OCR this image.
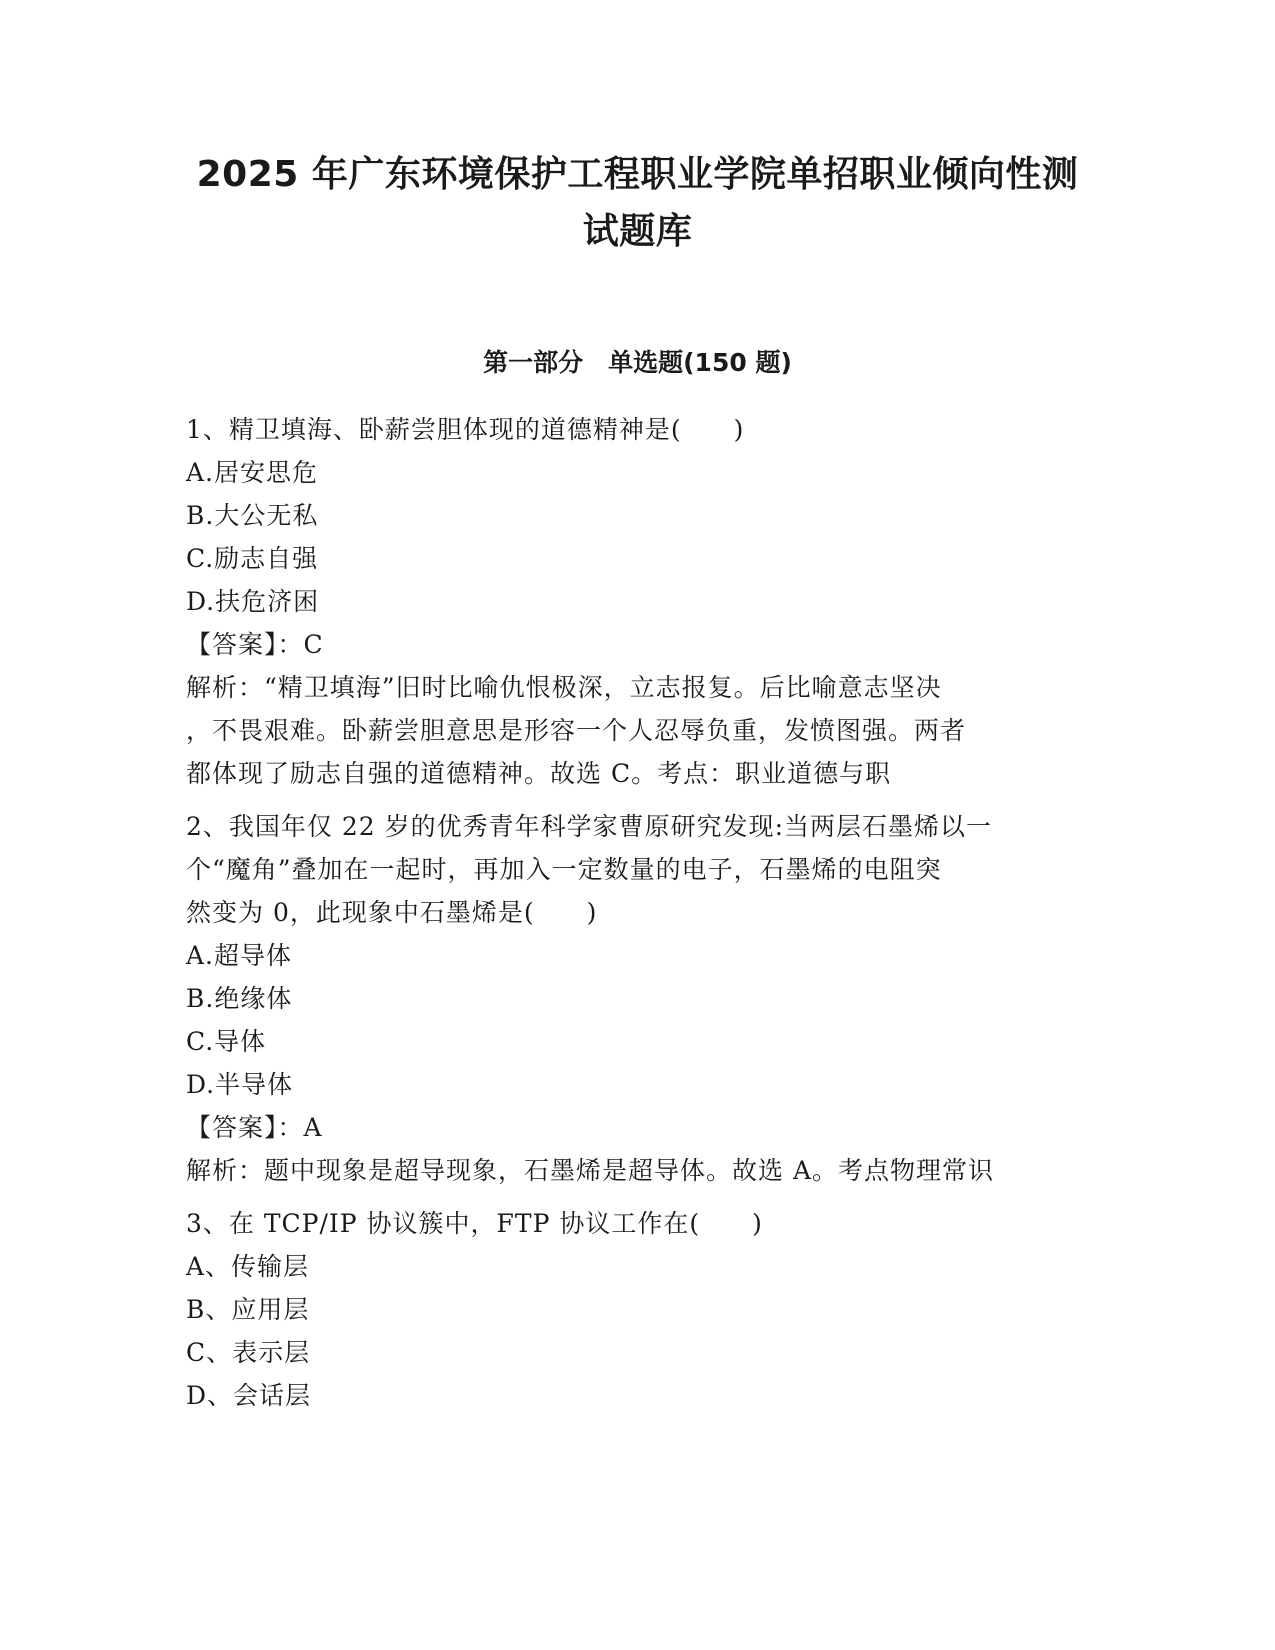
2025 年广东环境保护工程职业学院单招职业倾向性测
试题库
第一部分　单选题(150 题)
1、精卫填海、卧薪尝胆体现的道德精神是(　　)
A.居安思危
B.大公无私
C.励志自强
D.扶危济困
【答案】：C
解析：“精卫填海”旧时比喻仇恨极深，立志报复。后比喻意志坚决
，不畏艰难。卧薪尝胆意思是形容一个人忍辱负重，发愤图强。两者
都体现了励志自强的道德精神。故选 C。考点：职业道德与职
2、我国年仅 22 岁的优秀青年科学家曹原研究发现:当两层石墨烯以一
个“魔角”叠加在一起时，再加入一定数量的电子，石墨烯的电阻突
然变为 0，此现象中石墨烯是(　　)
A.超导体
B.绝缘体
C.导体
D.半导体
【答案】：A
解析：题中现象是超导现象，石墨烯是超导体。故选 A。考点物理常识
3、在 TCP/IP 协议簇中，FTP 协议工作在(　　)
A、传输层
B、应用层
C、表示层
D、会话层
